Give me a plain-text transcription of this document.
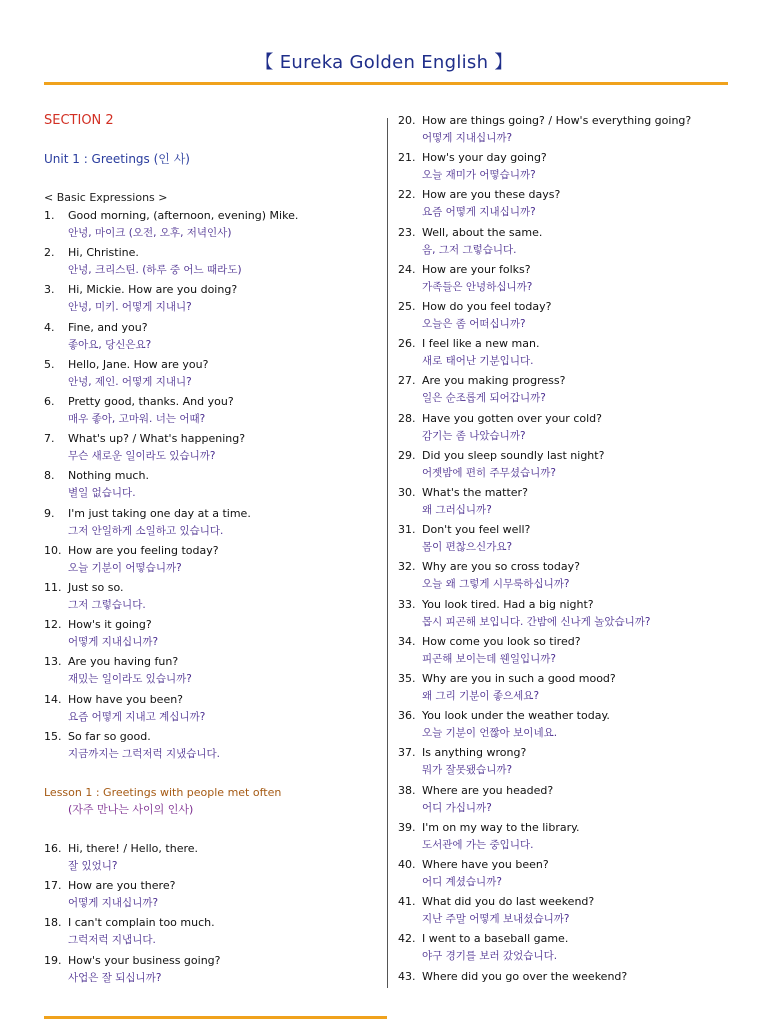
【 Eureka Golden English 】
SECTION 2
Unit 1 : Greetings (인 사)
< Basic Expressions >
Lesson 1 : Greetings with people met often
(자주 만나는 사이의 인사)
1. Good morning, (afternoon, evening) Mike.
안녕, 마이크 (오전, 오후, 저녁인사)
2. Hi, Christine.
안녕, 크리스틴. (하루 중 어느 때라도)
3. Hi, Mickie. How are you doing?
안녕, 미키. 어떻게 지내니?
4. Fine, and you?
좋아요, 당신은요?
5. Hello, Jane. How are you?
안녕, 제인. 어떻게 지내니?
6. Pretty good, thanks. And you?
매우 좋아, 고마워. 너는 어때?
7. What's up? / What's happening?
무슨 새로운 일이라도 있습니까?
8. Nothing much.
별일 없습니다.
9. I'm just taking one day at a time.
그저 안일하게 소일하고 있습니다.
10. How are you feeling today?
오늘 기분이 어떻습니까?
11. Just so so.
그저 그렇습니다.
12. How's it going?
어떻게 지내십니까?
13. Are you having fun?
재밌는 일이라도 있습니까?
14. How have you been?
요즘 어떻게 지내고 계십니까?
15. So far so good.
지금까지는 그럭저럭 지냈습니다.
16. Hi, there! / Hello, there.
잘 있었니?
17. How are you there?
어떻게 지내십니까?
18. I can't complain too much.
그럭저럭 지냅니다.
19. How's your business going?
사업은 잘 되십니까?
20. How are things going? / How's everything going?
어떻게 지내십니까?
21. How's your day going?
오늘 재미가 어떻습니까?
22. How are you these days?
요즘 어떻게 지내십니까?
23. Well, about the same.
음, 그저 그렇습니다.
24. How are your folks?
가족들은 안녕하십니까?
25. How do you feel today?
오늘은 좀 어떠십니까?
26. I feel like a new man.
새로 태어난 기분입니다.
27. Are you making progress?
일은 순조롭게 되어갑니까?
28. Have you gotten over your cold?
감기는 좀 나았습니까?
29. Did you sleep soundly last night?
어젯밤에 편히 주무셨습니까?
30. What's the matter?
왜 그러십니까?
31. Don't you feel well?
몸이 편찮으신가요?
32. Why are you so cross today?
오늘 왜 그렇게 시무룩하십니까?
33. You look tired. Had a big night?
몹시 피곤해 보입니다. 간밤에 신나게 놀았습니까?
34. How come you look so tired?
피곤해 보이는데 웬일입니까?
35. Why are you in such a good mood?
왜 그리 기분이 좋으세요?
36. You look under the weather today.
오늘 기분이 언짢아 보이네요.
37. Is anything wrong?
뭐가 잘못됐습니까?
38. Where are you headed?
어디 가십니까?
39. I'm on my way to the library.
도서관에 가는 중입니다.
40. Where have you been?
어디 계셨습니까?
41. What did you do last weekend?
지난 주말 어떻게 보내셨습니까?
42. I went to a baseball game.
야구 경기를 보러 갔었습니다.
43. Where did you go over the weekend?
